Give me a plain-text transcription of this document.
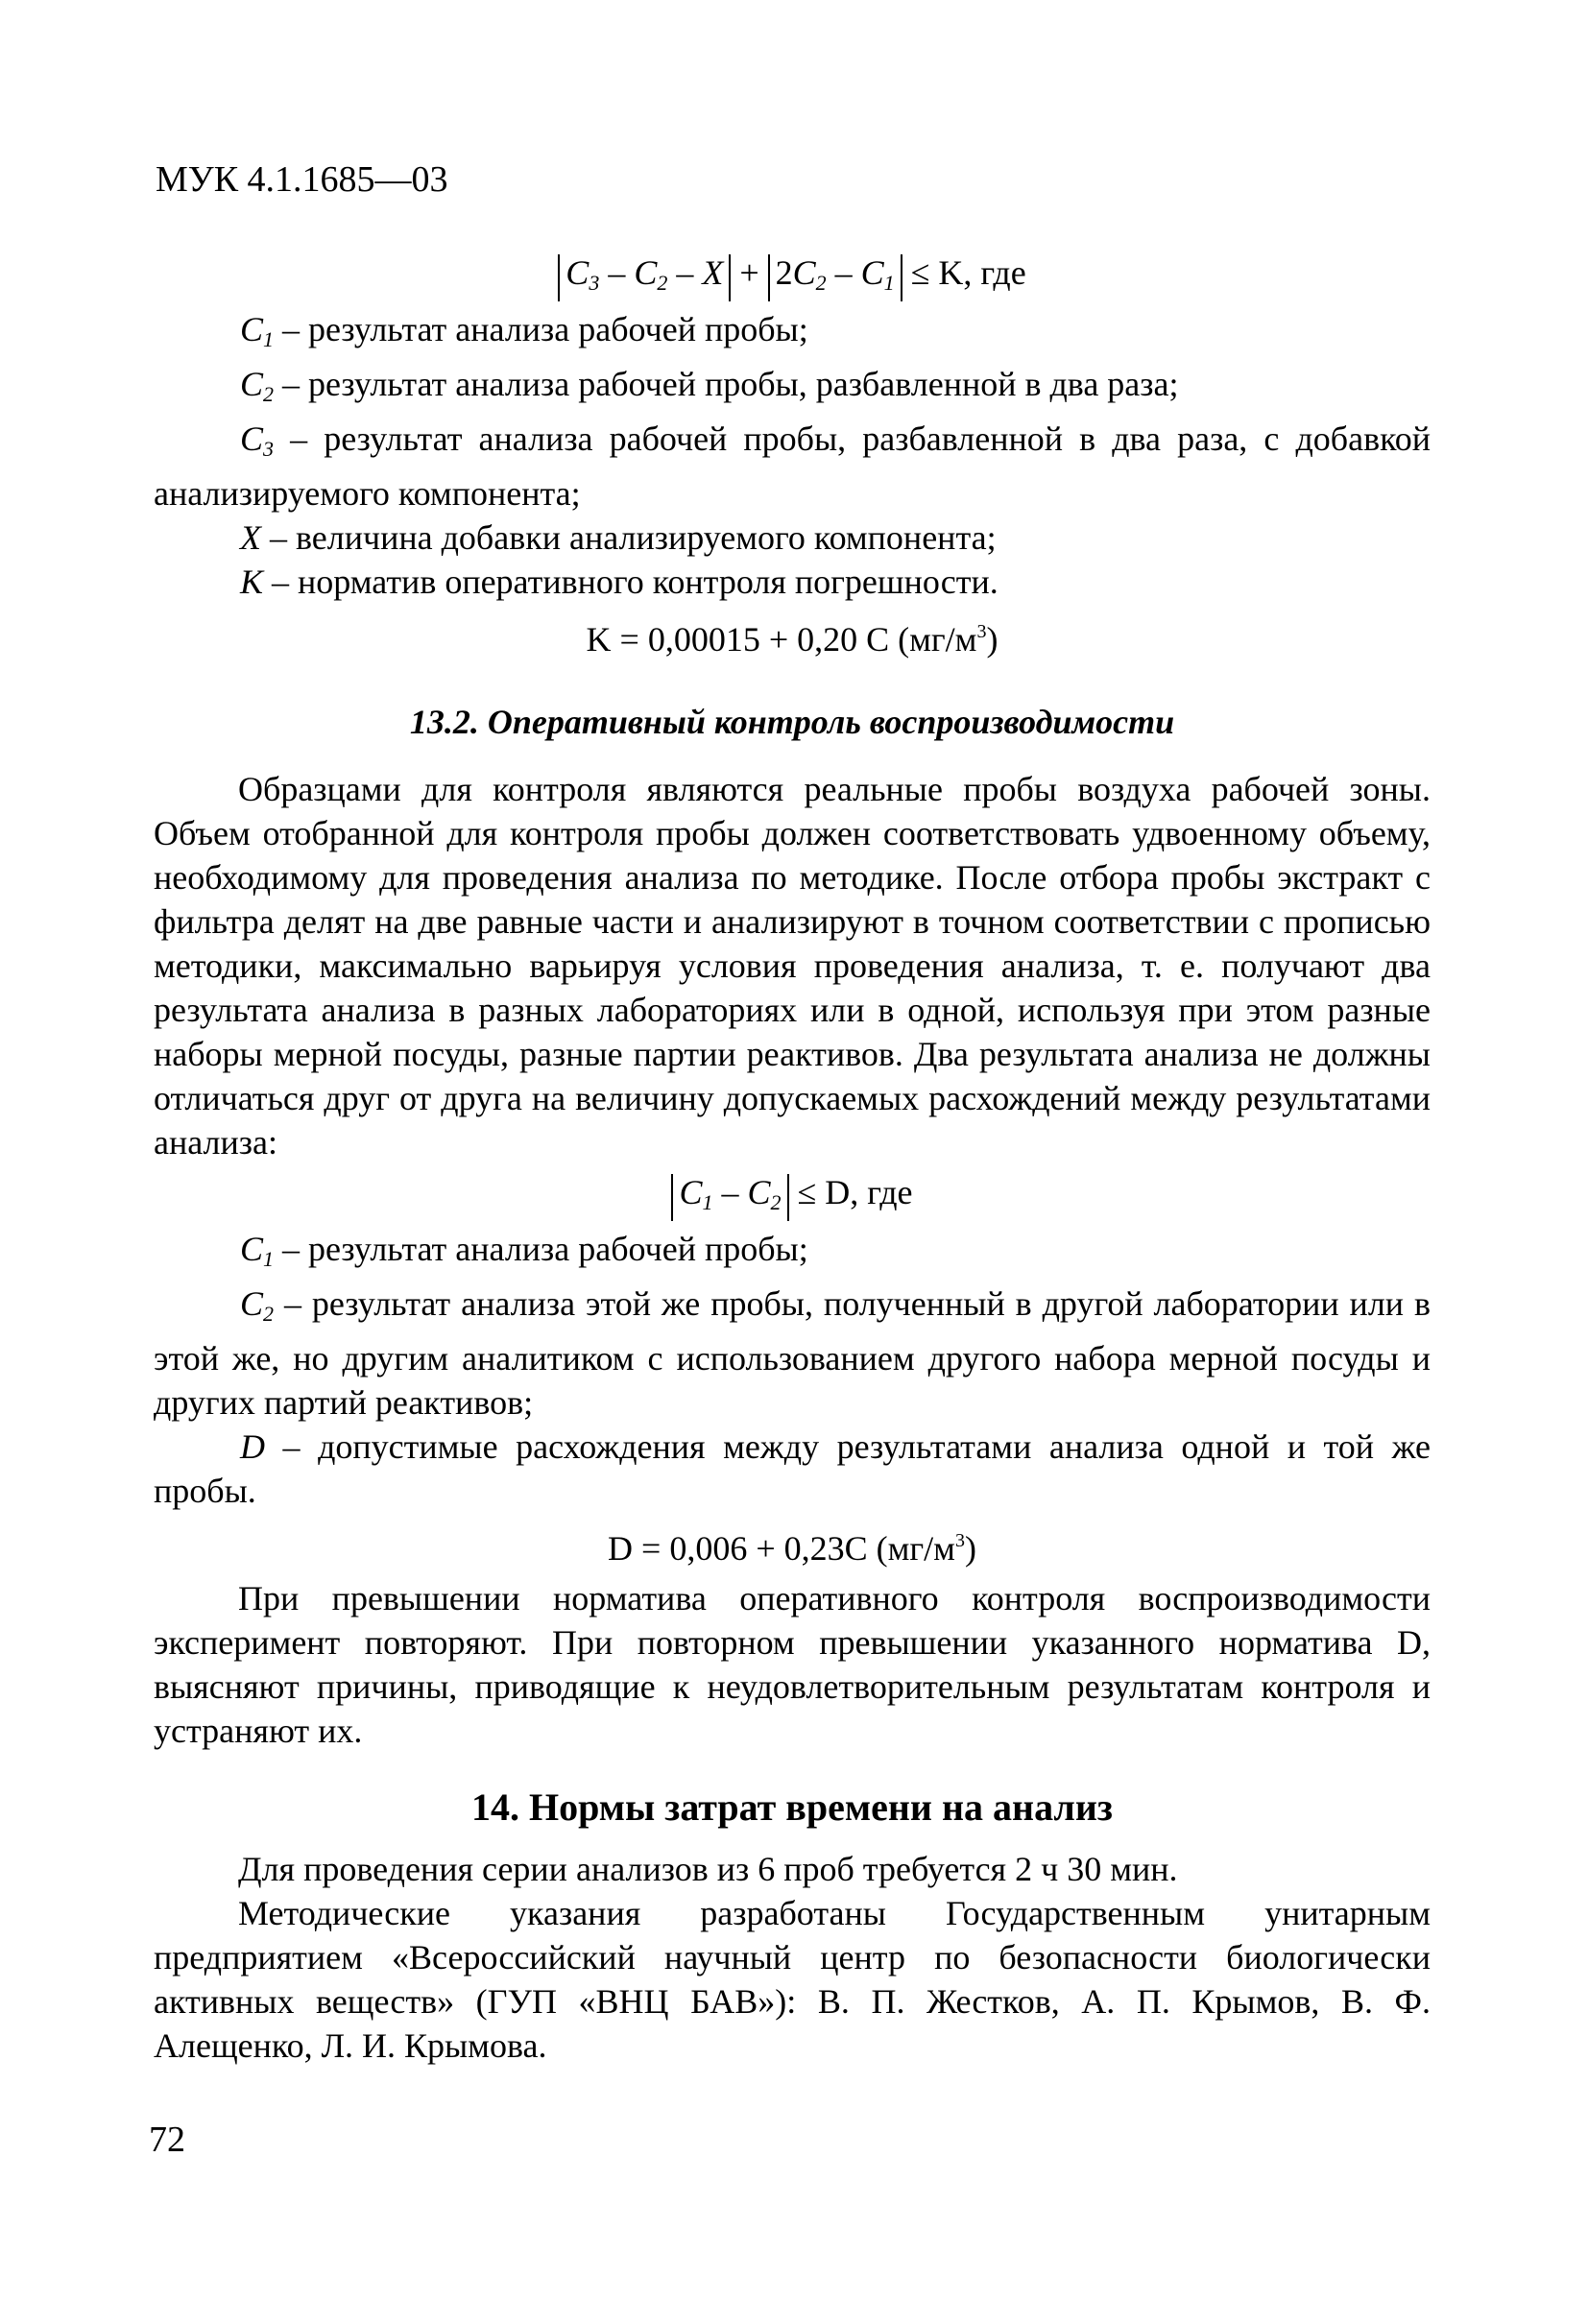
МУК 4.1.1685—03

$C_3 - C_2 - X + 2C_2 - C_1 \le K$, где

$C_1$ – результат анализа рабочей пробы;

$C_2$ – результат анализа рабочей пробы, разбавленной в два раза;

$C_3$ – результат анализа рабочей пробы, разбавленной в два раза, с добавкой анализируемого компонента;

X – величина добавки анализируемого компонента;

K – норматив оперативного контроля погрешности.

K = 0,00015 + 0,20 C $(мг/м^3)$

13.2. Оперативный контроль воспроизводимости

Образцами для контроля являются реальные пробы воздуха рабочей зоны. Объем отобранной для контроля пробы должен соответствовать удвоенному объему, необходимому для проведения анализа по методике. После отбора пробы экстракт с фильтра делят на две равные части и анализируют в точном соответствии с прописью методики, максимально варьируя условия проведения анализа, т. е. получают два результата анализа в разных лабораториях или в одной, используя при этом разные наборы мерной посуды, разные партии реактивов. Два результата анализа не должны отличаться друг от друга на величину допускаемых расхождений между результатами анализа:

$C_1 - C_2 \le D$, где

$C_1$ – результат анализа рабочей пробы;

$C_2$ – результат анализа этой же пробы, полученный в другой лаборатории или в этой же, но другим аналитиком с использованием другого набора мерной посуды и других партий реактивов;

D – допустимые расхождения между результатами анализа одной и той же пробы.

D = 0,006 + 0,23C $(мг/м^3)$

При превышении норматива оперативного контроля воспроизводимости эксперимент повторяют. При повторном превышении указанного норматива D, выясняют причины, приводящие к неудовлетворительным результатам контроля и устраняют их.

14. Нормы затрат времени на анализ

Для проведения серии анализов из 6 проб требуется 2 ч 30 мин.

Методические указания разработаны Государственным унитарным предприятием «Всероссийский научный центр по безопасности биологически активных веществ» (ГУП «ВНЦ БАВ»): В. П. Жестков, А. П. Крымов, В. Ф. Алещенко, Л. И. Крымова.

72
